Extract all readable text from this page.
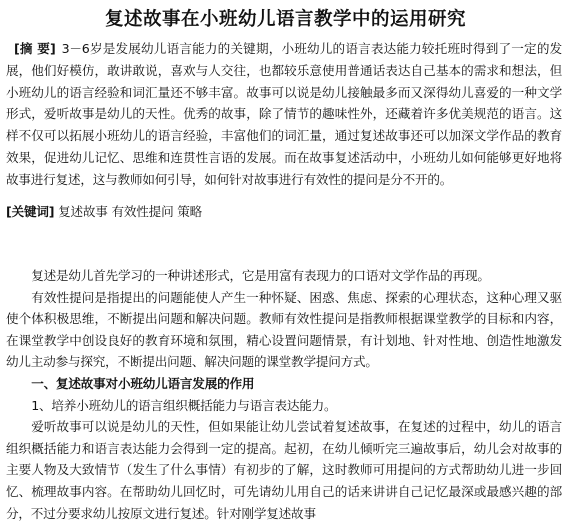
复述故事在小班幼儿语言教学中的运用研究
[摘 要] 3－6岁是发展幼儿语言能力的关键期，小班幼儿的语言表达能力较托班时得到了一定的发展，他们好模仿，敢讲敢说，喜欢与人交往，也都较乐意使用普通话表达自己基本的需求和想法，但小班幼儿的语言经验和词汇量还不够丰富。故事可以说是幼儿接触最多而又深得幼儿喜爱的一种文学形式，爱听故事是幼儿的天性。优秀的故事，除了情节的趣味性外，还藏着许多优美规范的语言。这样不仅可以拓展小班幼儿的语言经验，丰富他们的词汇量，通过复述故事还可以加深文学作品的教育效果，促进幼儿记忆、思维和连贯性言语的发展。而在故事复述活动中，小班幼儿如何能够更好地将故事进行复述，这与教师如何引导，如何针对故事进行有效性的提问是分不开的。
[关键词] 复述故事 有效性提问 策略

复述是幼儿首先学习的一种讲述形式，它是用富有表现力的口语对文学作品的再现。

有效性提问是指提出的问题能使人产生一种怀疑、困惑、焦虑、探索的心理状态，这种心理又驱使个体积极思维，不断提出问题和解决问题。教师有效性提问是指教师根据课堂教学的目标和内容，在课堂教学中创设良好的教育环境和氛围，精心设置问题情景，有计划地、针对性地、创造性地激发幼儿主动参与探究，不断提出问题、解决问题的课堂教学提问方式。

一、复述故事对小班幼儿语言发展的作用

1、培养小班幼儿的语言组织概括能力与语言表达能力。

爱听故事可以说是幼儿的天性，但如果能让幼儿尝试着复述故事，在复述的过程中，幼儿的语言组织概括能力和语言表达能力会得到一定的提高。起初，在幼儿倾听完三遍故事后，幼儿会对故事的主要人物及大致情节（发生了什么事情）有初步的了解，这时教师可用提问的方式帮助幼儿进一步回忆、梳理故事内容。在帮助幼儿回忆时，可先请幼儿用自己的话来讲讲自己记忆最深或最感兴趣的部分，不过分要求幼儿按原文进行复述。针对刚学复述故事
